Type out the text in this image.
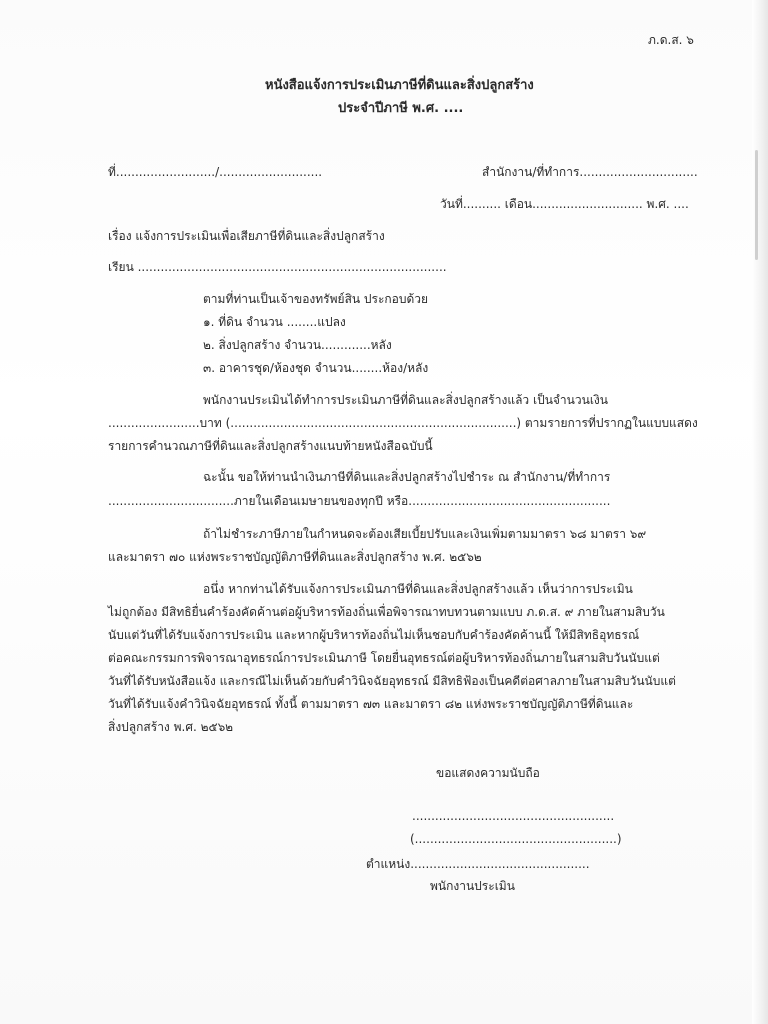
ภ.ด.ส. ๖
หนังสือแจ้งการประเมินภาษีที่ดินและสิ่งปลูกสร้าง
ประจำปีภาษี พ.ศ. ....
ที่........................../...........................	สำนักงาน/ที่ทำการ...............................
วันที่.......... เดือน............................. พ.ศ. ....
เรื่อง แจ้งการประเมินเพื่อเสียภาษีที่ดินและสิ่งปลูกสร้าง
เรียน .................................................................................
ตามที่ท่านเป็นเจ้าของทรัพย์สิน ประกอบด้วย
๑. ที่ดิน จำนวน ........แปลง
๒. สิ่งปลูกสร้าง จำนวน.............หลัง
๓. อาคารชุด/ห้องชุด จำนวน........ห้อง/หลัง
พนักงานประเมินได้ทำการประเมินภาษีที่ดินและสิ่งปลูกสร้างแล้ว เป็นจำนวนเงิน
........................บาท (...........................................................................) ตามรายการที่ปรากฏในแบบแสดง
รายการคำนวณภาษีที่ดินและสิ่งปลูกสร้างแนบท้ายหนังสือฉบับนี้
ฉะนั้น ขอให้ท่านนำเงินภาษีที่ดินและสิ่งปลูกสร้างไปชำระ ณ สำนักงาน/ที่ทำการ
.................................ภายในเดือนเมษายนของทุกปี หรือ.....................................................
ถ้าไม่ชำระภาษีภายในกำหนดจะต้องเสียเบี้ยปรับและเงินเพิ่มตามมาตรา ๖๘ มาตรา ๖๙
และมาตรา ๗๐ แห่งพระราชบัญญัติภาษีที่ดินและสิ่งปลูกสร้าง พ.ศ. ๒๕๖๒
อนึ่ง หากท่านได้รับแจ้งการประเมินภาษีที่ดินและสิ่งปลูกสร้างแล้ว เห็นว่าการประเมิน
ไม่ถูกต้อง มีสิทธิยื่นคำร้องคัดค้านต่อผู้บริหารท้องถิ่นเพื่อพิจารณาทบทวนตามแบบ ภ.ด.ส. ๙ ภายในสามสิบวัน
นับแต่วันที่ได้รับแจ้งการประเมิน และหากผู้บริหารท้องถิ่นไม่เห็นชอบกับคำร้องคัดค้านนี้ ให้มีสิทธิอุทธรณ์
ต่อคณะกรรมการพิจารณาอุทธรณ์การประเมินภาษี โดยยื่นอุทธรณ์ต่อผู้บริหารท้องถิ่นภายในสามสิบวันนับแต่
วันที่ได้รับหนังสือแจ้ง และกรณีไม่เห็นด้วยกับคำวินิจฉัยอุทธรณ์ มีสิทธิฟ้องเป็นคดีต่อศาลภายในสามสิบวันนับแต่
วันที่ได้รับแจ้งคำวินิจฉัยอุทธรณ์ ทั้งนี้ ตามมาตรา ๗๓ และมาตรา ๘๒ แห่งพระราชบัญญัติภาษีที่ดินและ
สิ่งปลูกสร้าง พ.ศ. ๒๕๖๒
ขอแสดงความนับถือ
.....................................................
(.....................................................)
ตำแหน่ง...............................................
พนักงานประเมิน
